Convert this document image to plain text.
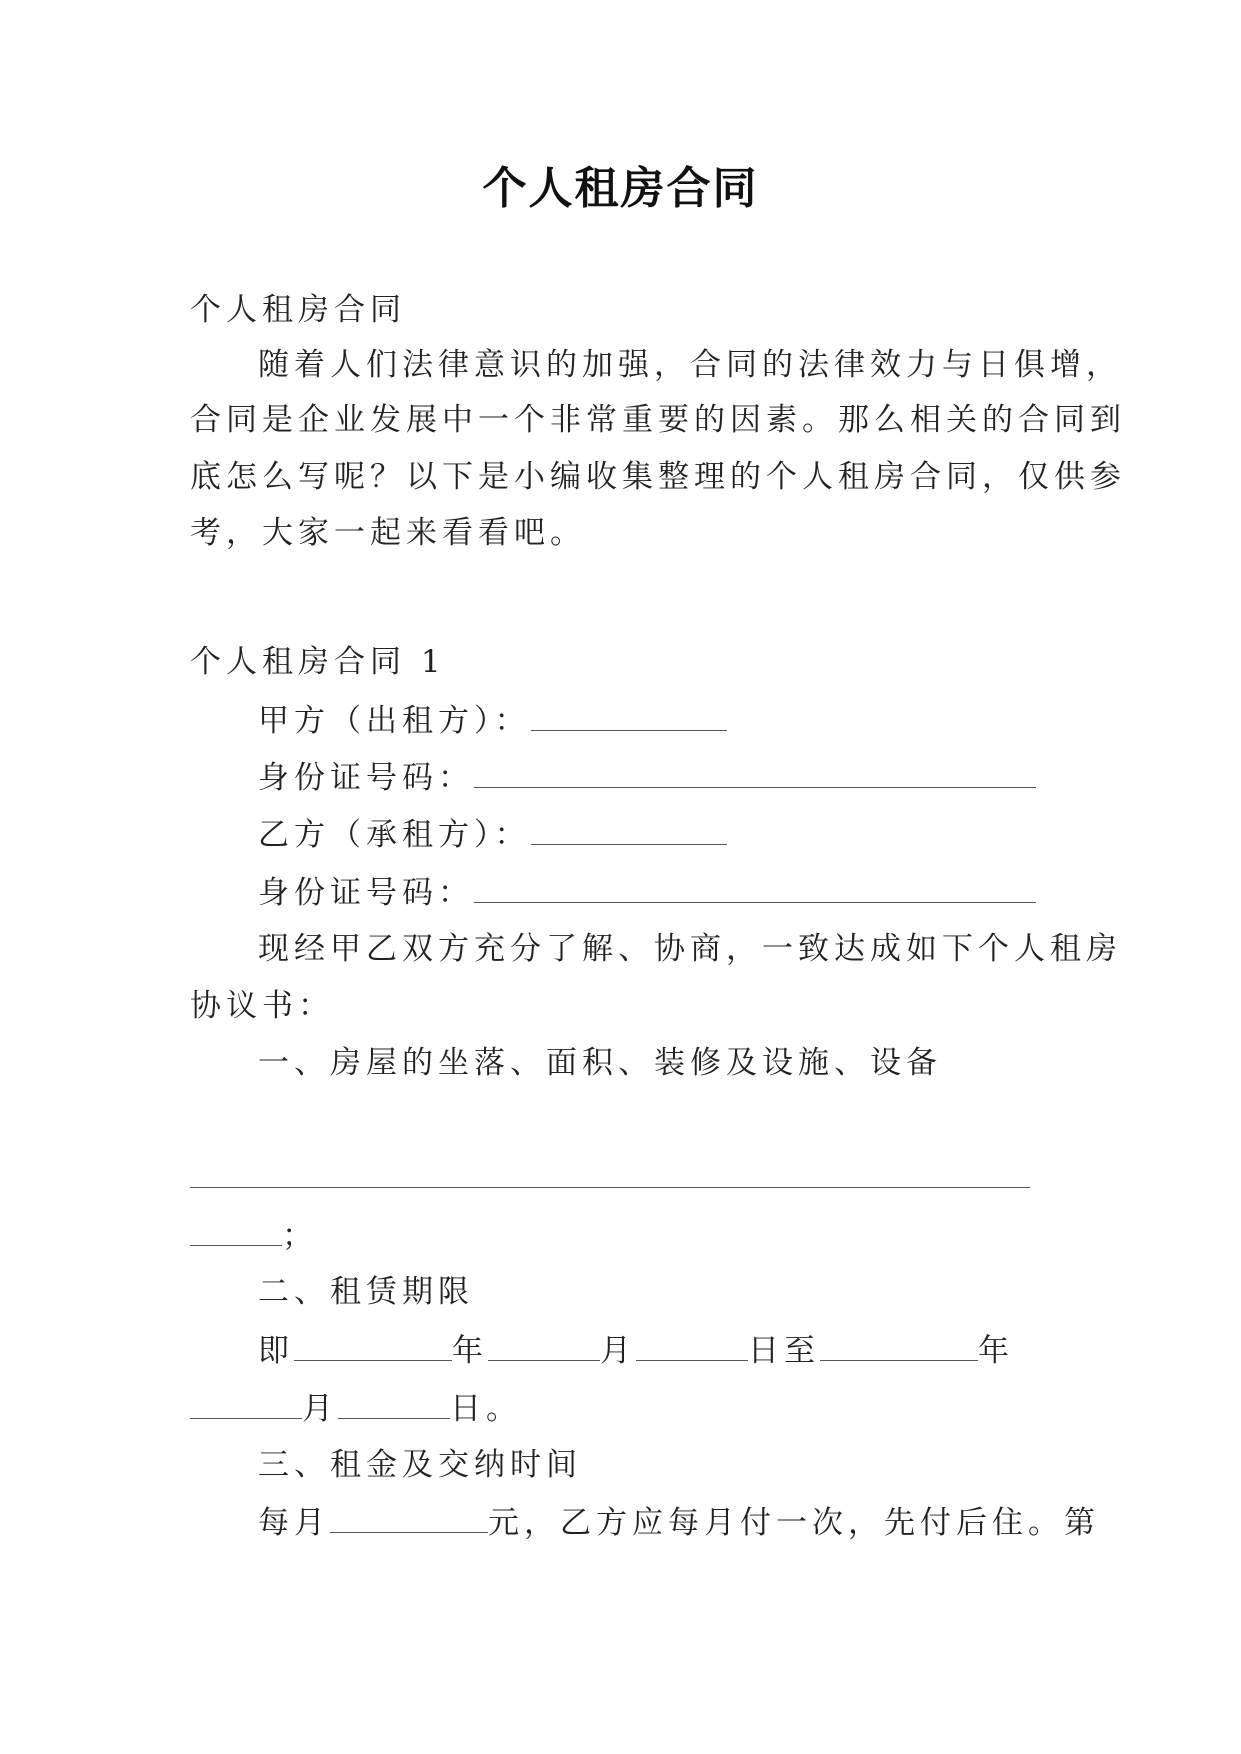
个人租房合同
个人租房合同
随着人们法律意识的加强，合同的法律效力与日俱增，
合同是企业发展中一个非常重要的因素。那么相关的合同到
底怎么写呢？以下是小编收集整理的个人租房合同，仅供参
考，大家一起来看看吧。
个人租房合同 1
甲方（出租方）：
身份证号码：
乙方（承租方）：
身份证号码：
现经甲乙双方充分了解、协商，一致达成如下个人租房
协议书：
一、房屋的坐落、面积、装修及设施、设备
；
二、租赁期限
即	年	月	日至	年
月	日。
三、租金及交纳时间
每月	元，乙方应每月付一次，先付后住。第
